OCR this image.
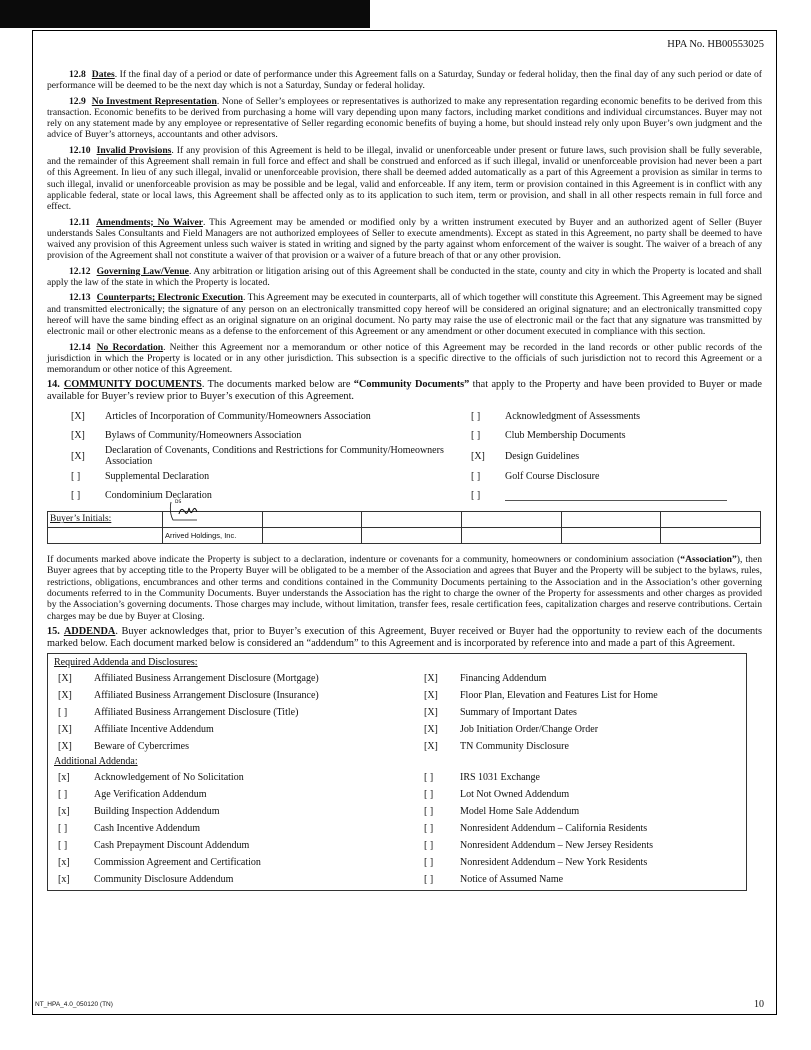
HPA No. HB00553025

12.8 Dates. If the final day of a period or date of performance under this Agreement falls on a Saturday, Sunday or federal holiday, then the final day of any such period or date of performance will be deemed to be the next day which is not a Saturday, Sunday or federal holiday.

12.9 No Investment Representation. None of Seller’s employees or representatives is authorized to make any representation regarding economic benefits to be derived from this transaction. Economic benefits to be derived from purchasing a home will vary depending upon many factors, including market conditions and individual circumstances. Buyer may not rely on any statement made by any employee or representative of Seller regarding economic benefits of buying a home, but should instead rely only upon Buyer’s own judgment and the advice of Buyer’s attorneys, accountants and other advisors.

12.10 Invalid Provisions. If any provision of this Agreement is held to be illegal, invalid or unenforceable under present or future laws, such provision shall be fully severable, and the remainder of this Agreement shall remain in full force and effect and shall be construed and enforced as if such illegal, invalid or unenforceable provision had never been a part of this Agreement. In lieu of any such illegal, invalid or unenforceable provision, there shall be deemed added automatically as a part of this Agreement a provision as similar in terms to such illegal, invalid or unenforceable provision as may be possible and be legal, valid and enforceable. If any item, term or provision contained in this Agreement is in conflict with any applicable federal, state or local laws, this Agreement shall be affected only as to its application to such item, term or provision, and shall in all other respects remain in full force and effect.

12.11 Amendments; No Waiver. This Agreement may be amended or modified only by a written instrument executed by Buyer and an authorized agent of Seller (Buyer understands Sales Consultants and Field Managers are not authorized employees of Seller to execute amendments). Except as stated in this Agreement, no party shall be deemed to have waived any provision of this Agreement unless such waiver is stated in writing and signed by the party against whom enforcement of the waiver is sought. The waiver of a breach of any provision of the Agreement shall not constitute a waiver of that provision or a waiver of a future breach of that or any other provision.

12.12 Governing Law/Venue. Any arbitration or litigation arising out of this Agreement shall be conducted in the state, county and city in which the Property is located and shall apply the law of the state in which the Property is located.

12.13 Counterparts; Electronic Execution. This Agreement may be executed in counterparts, all of which together will constitute this Agreement. This Agreement may be signed and transmitted electronically; the signature of any person on an electronically transmitted copy hereof will be considered an original signature; and an electronically transmitted copy hereof will have the same binding effect as an original signature on an original document. No party may raise the use of electronic mail or the fact that any signature was transmitted by electronic mail or other electronic means as a defense to the enforcement of this Agreement or any amendment or other document executed in compliance with this section.

12.14 No Recordation. Neither this Agreement nor a memorandum or other notice of this Agreement may be recorded in the land records or other public records of the jurisdiction in which the Property is located or in any other jurisdiction. This subsection is a specific directive to the officials of such jurisdiction not to record this Agreement or a memorandum or other notice of this Agreement.

14. COMMUNITY DOCUMENTS. The documents marked below are “Community Documents” that apply to the Property and have been provided to Buyer or made available for Buyer’s review prior to Buyer’s execution of this Agreement.

[X]	Articles of Incorporation of Community/Homeowners Association	[ ]	Acknowledgment of Assessments
[X]	Bylaws of Community/Homeowners Association	[ ]	Club Membership Documents
[X]	Declaration of Covenants, Conditions and Restrictions for Community/Homeowners Association	[X]	Design Guidelines
[ ]	Supplemental Declaration	[ ]	Golf Course Disclosure
[ ]	Condominium Declaration	[ ]
Buyer’s Initials:	DS					

	Arrived Holdings, Inc.					

If documents marked above indicate the Property is subject to a declaration, indenture or covenants for a community, homeowners or condominium association (“Association”), then Buyer agrees that by accepting title to the Property Buyer will be obligated to be a member of the Association and agrees that Buyer and the Property will be subject to the bylaws, rules, restrictions, obligations, encumbrances and other terms and conditions contained in the Community Documents pertaining to the Association and in the Association’s other governing documents referred to in the Community Documents. Buyer understands the Association has the right to charge the owner of the Property for assessments and other charges as provided by the Association’s governing documents. Those charges may include, without limitation, transfer fees, resale certification fees, capitalization charges and reserve contributions. Certain charges may be due by Buyer at Closing.

15. ADDENDA. Buyer acknowledges that, prior to Buyer’s execution of this Agreement, Buyer received or Buyer had the opportunity to review each of the documents marked below. Each document marked below is considered an “addendum” to this Agreement and is incorporated by reference into and made a part of this Agreement.

Required Addenda and Disclosures:
[X]	Affiliated Business Arrangement Disclosure (Mortgage)	[X]	Financing Addendum
[X]	Affiliated Business Arrangement Disclosure (Insurance)	[X]	Floor Plan, Elevation and Features List for Home
[ ]	Affiliated Business Arrangement Disclosure (Title)	[X]	Summary of Important Dates
[X]	Affiliate Incentive Addendum	[X]	Job Initiation Order/Change Order
[X]	Beware of Cybercrimes	[X]	TN Community Disclosure
Additional Addenda:
[x]	Acknowledgement of No Solicitation	[ ]	IRS 1031 Exchange
[ ]	Age Verification Addendum	[ ]	Lot Not Owned Addendum
[x]	Building Inspection Addendum	[ ]	Model Home Sale Addendum
[ ]	Cash Incentive Addendum	[ ]	Nonresident Addendum – California Residents
[ ]	Cash Prepayment Discount Addendum	[ ]	Nonresident Addendum – New Jersey Residents
[x]	Commission Agreement and Certification	[ ]	Nonresident Addendum – New York Residents
[x]	Community Disclosure Addendum	[ ]	Notice of Assumed Name
NT_HPA_4.0_050120 (TN)	10
